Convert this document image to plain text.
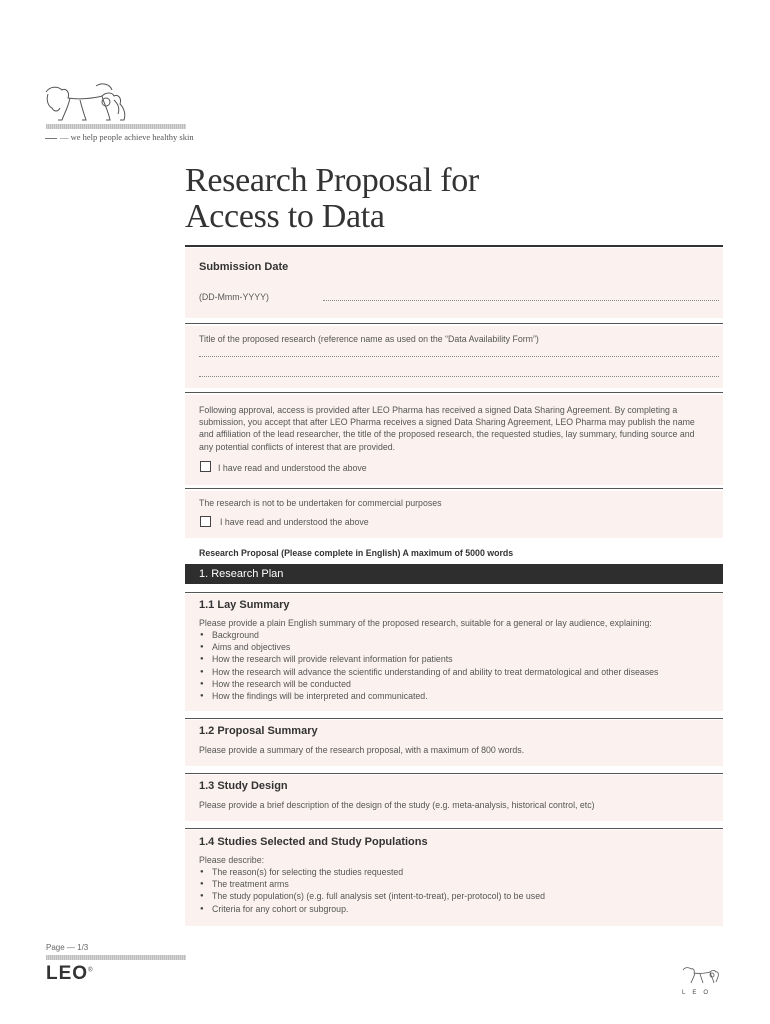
— we help people achieve healthy skin
Research Proposal for
Access to Data
Submission Date
(DD-Mmm-YYYY)
Title of the proposed research (reference name as used on the “Data Availability Form”)
Following approval, access is provided after LEO Pharma has received a signed Data Sharing Agreement. By completing a submission, you accept that after LEO Pharma receives a signed Data Sharing Agreement, LEO Pharma may publish the name and affiliation of the lead researcher, the title of the proposed research, the requested studies, lay summary, funding source and any potential conflicts of interest that are provided.
I have read and understood the above
The research is not to be undertaken for commercial purposes
I have read and understood the above
Research Proposal (Please complete in English) A maximum of 5000 words
1. Research Plan
1.1 Lay Summary
Please provide a plain English summary of the proposed research, suitable for a general or lay audience, explaining:
● Background
● Aims and objectives
● How the research will provide relevant information for patients
● How the research will advance the scientific understanding of and ability to treat dermatological and other diseases
● How the research will be conducted
● How the findings will be interpreted and communicated.
1.2 Proposal Summary
Please provide a summary of the research proposal, with a maximum of 800 words.
1.3 Study Design
Please provide a brief description of the design of the study (e.g. meta-analysis, historical control, etc)
1.4 Studies Selected and Study Populations
Please describe:
● The reason(s) for selecting the studies requested
● The treatment arms
● The study population(s) (e.g. full analysis set (intent-to-treat), per-protocol) to be used
● Criteria for any cohort or subgroup.
Page — 1/3
LEO®
LEO
